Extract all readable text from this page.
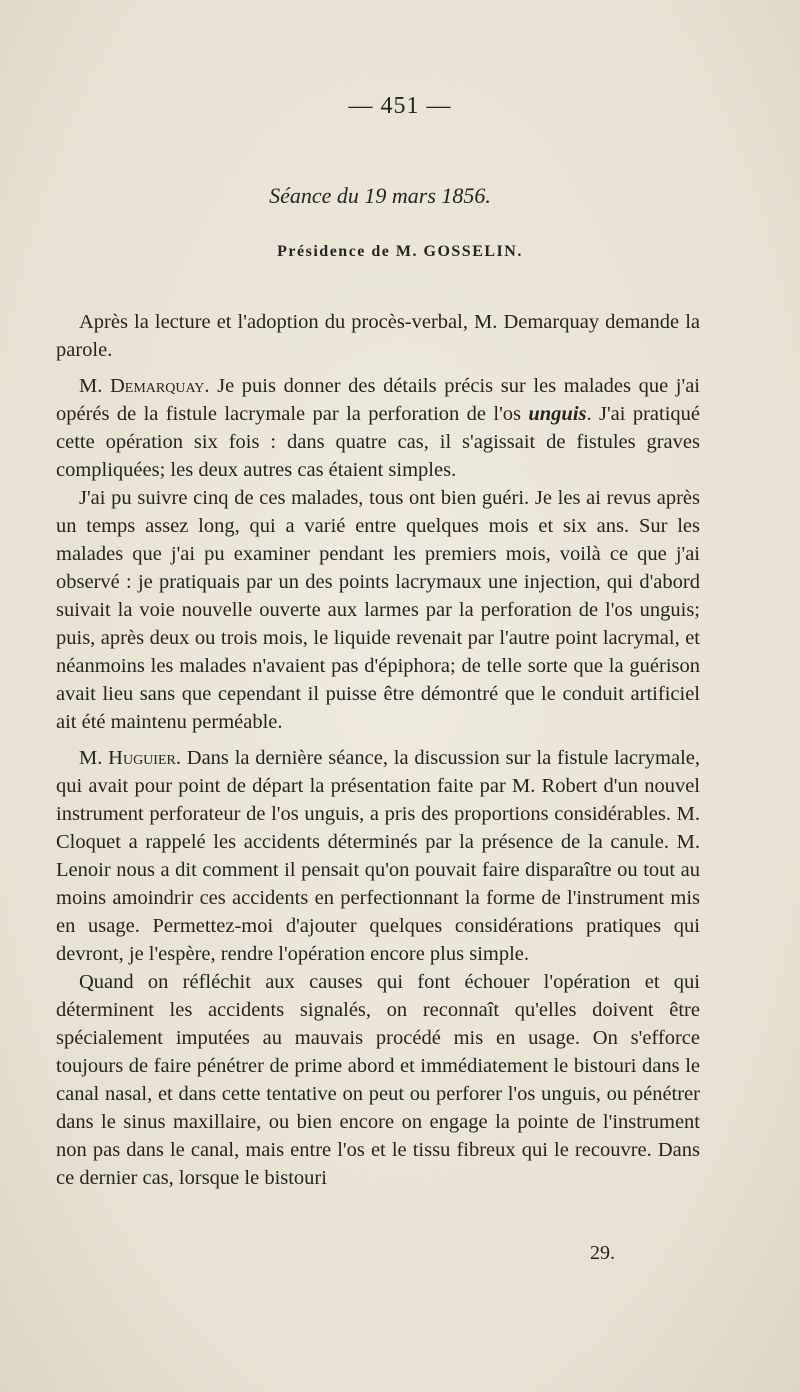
— 451 —
Séance du 19 mars 1856.
Présidence de M. GOSSELIN.

Après la lecture et l'adoption du procès-verbal, M. Demarquay demande la parole.

M. Demarquay. Je puis donner des détails précis sur les malades que j'ai opérés de la fistule lacrymale par la perforation de l'os unguis. J'ai pratiqué cette opération six fois : dans quatre cas, il s'agissait de fistules graves compliquées; les deux autres cas étaient simples.

J'ai pu suivre cinq de ces malades, tous ont bien guéri. Je les ai revus après un temps assez long, qui a varié entre quelques mois et six ans. Sur les malades que j'ai pu examiner pendant les premiers mois, voilà ce que j'ai observé : je pratiquais par un des points lacrymaux une injection, qui d'abord suivait la voie nouvelle ouverte aux larmes par la perforation de l'os unguis; puis, après deux ou trois mois, le liquide revenait par l'autre point lacrymal, et néanmoins les malades n'avaient pas d'épiphora; de telle sorte que la guérison avait lieu sans que cependant il puisse être démontré que le conduit artificiel ait été maintenu perméable.

M. Huguier. Dans la dernière séance, la discussion sur la fistule lacrymale, qui avait pour point de départ la présentation faite par M. Robert d'un nouvel instrument perforateur de l'os unguis, a pris des proportions considérables. M. Cloquet a rappelé les accidents déterminés par la présence de la canule. M. Lenoir nous a dit comment il pensait qu'on pouvait faire disparaître ou tout au moins amoindrir ces accidents en perfectionnant la forme de l'instrument mis en usage. Permettez-moi d'ajouter quelques considérations pratiques qui devront, je l'espère, rendre l'opération encore plus simple.

Quand on réfléchit aux causes qui font échouer l'opération et qui déterminent les accidents signalés, on reconnaît qu'elles doivent être spécialement imputées au mauvais procédé mis en usage. On s'efforce toujours de faire pénétrer de prime abord et immédiatement le bistouri dans le canal nasal, et dans cette tentative on peut ou perforer l'os unguis, ou pénétrer dans le sinus maxillaire, ou bien encore on engage la pointe de l'instrument non pas dans le canal, mais entre l'os et le tissu fibreux qui le recouvre. Dans ce dernier cas, lorsque le bistouri

29.
